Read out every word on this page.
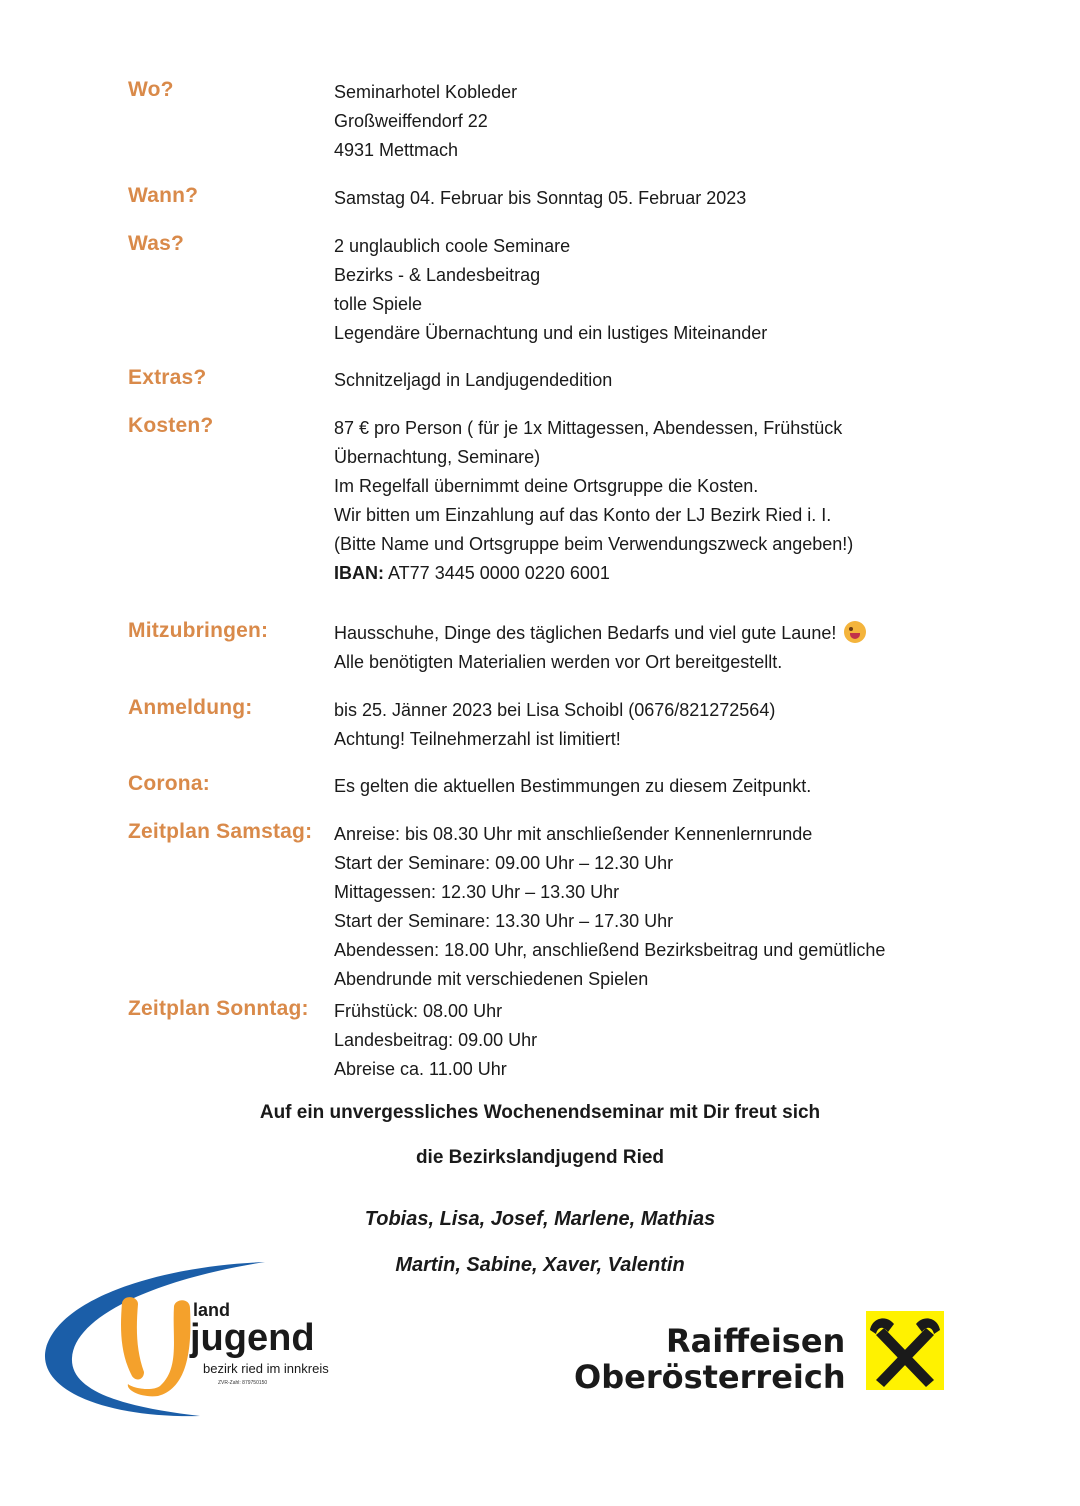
Wo?	Seminarhotel Kobleder
Großweiffendorf 22
4931 Mettmach
Wann?	Samstag 04. Februar bis Sonntag 05. Februar 2023
Was?	2 unglaublich coole Seminare
Bezirks - & Landesbeitrag
tolle Spiele
Legendäre Übernachtung und ein lustiges Miteinander
Extras?	Schnitzeljagd in Landjugendedition
Kosten?	87 € pro Person ( für je 1x Mittagessen, Abendessen, Frühstück
Übernachtung, Seminare)
Im Regelfall übernimmt deine Ortsgruppe die Kosten.
Wir bitten um Einzahlung auf das Konto der LJ Bezirk Ried i. I.
(Bitte Name und Ortsgruppe beim Verwendungszweck angeben!)
IBAN: AT77 3445 0000 0220 6001
Mitzubringen:	Hausschuhe, Dinge des täglichen Bedarfs und viel gute Laune!
Alle benötigten Materialien werden vor Ort bereitgestellt.
Anmeldung:	bis 25. Jänner 2023 bei Lisa Schoibl (0676/821272564)
Achtung! Teilnehmerzahl ist limitiert!
Corona:	Es gelten die aktuellen Bestimmungen zu diesem Zeitpunkt.
Zeitplan Samstag: Anreise: bis 08.30 Uhr mit anschließender Kennenlernrunde
Start der Seminare: 09.00 Uhr – 12.30 Uhr
Mittagessen: 12.30 Uhr – 13.30 Uhr
Start der Seminare: 13.30 Uhr – 17.30 Uhr
Abendessen: 18.00 Uhr, anschließend Bezirksbeitrag und gemütliche
Abendrunde mit verschiedenen Spielen
Zeitplan Sonntag: Frühstück: 08.00 Uhr
Landesbeitrag: 09.00 Uhr
Abreise ca. 11.00 Uhr
Auf ein unvergessliches Wochenendseminar mit Dir freut sich
die Bezirkslandjugend Ried
Tobias, Lisa, Josef, Marlene, Mathias
Martin, Sabine, Xaver, Valentin
land
jugend
bezirk ried im innkreis
ZVR-Zahl: 879750150
Raiffeisen
Oberösterreich
